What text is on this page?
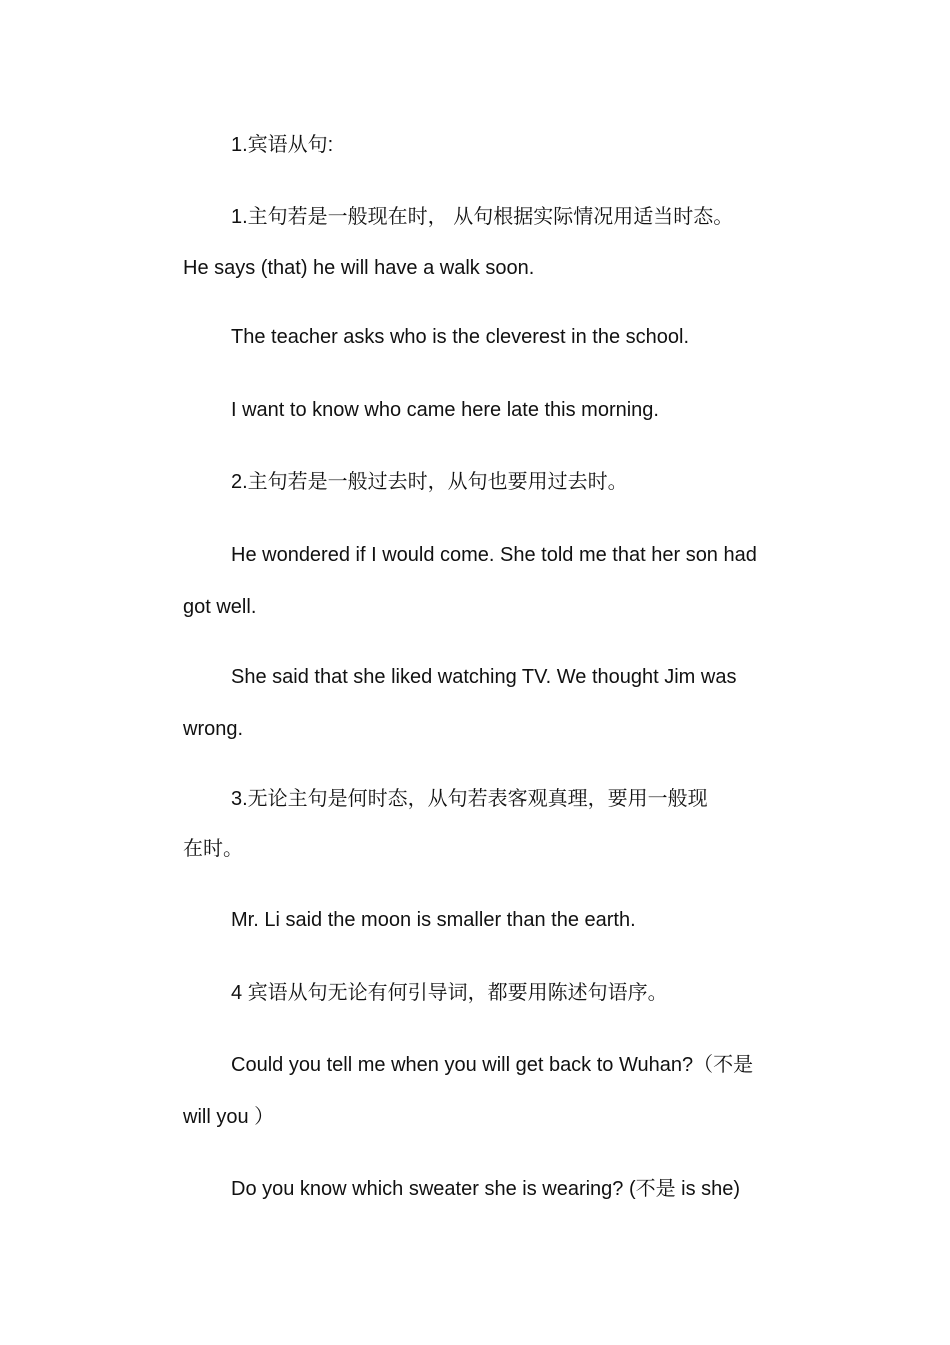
1.宾语从句:
1.主句若是一般现在时， 从句根据实际情况用适当时态。
He says (that) he will have a walk soon.
The teacher asks who is the cleverest in the school.
I want to know who came here late this morning.
2.主句若是一般过去时，从句也要用过去时。
He wondered if I would come. She told me that her son had
got well.
She said that she liked watching TV. We thought Jim was
wrong.
3.无论主句是何时态，从句若表客观真理，要用一般现
在时。
Mr. Li said the moon is smaller than the earth.
4 宾语从句无论有何引导词，都要用陈述句语序。
Could you tell me when you will get back to Wuhan?（不是
will you ）
Do you know which sweater she is wearing? (不是 is she)
